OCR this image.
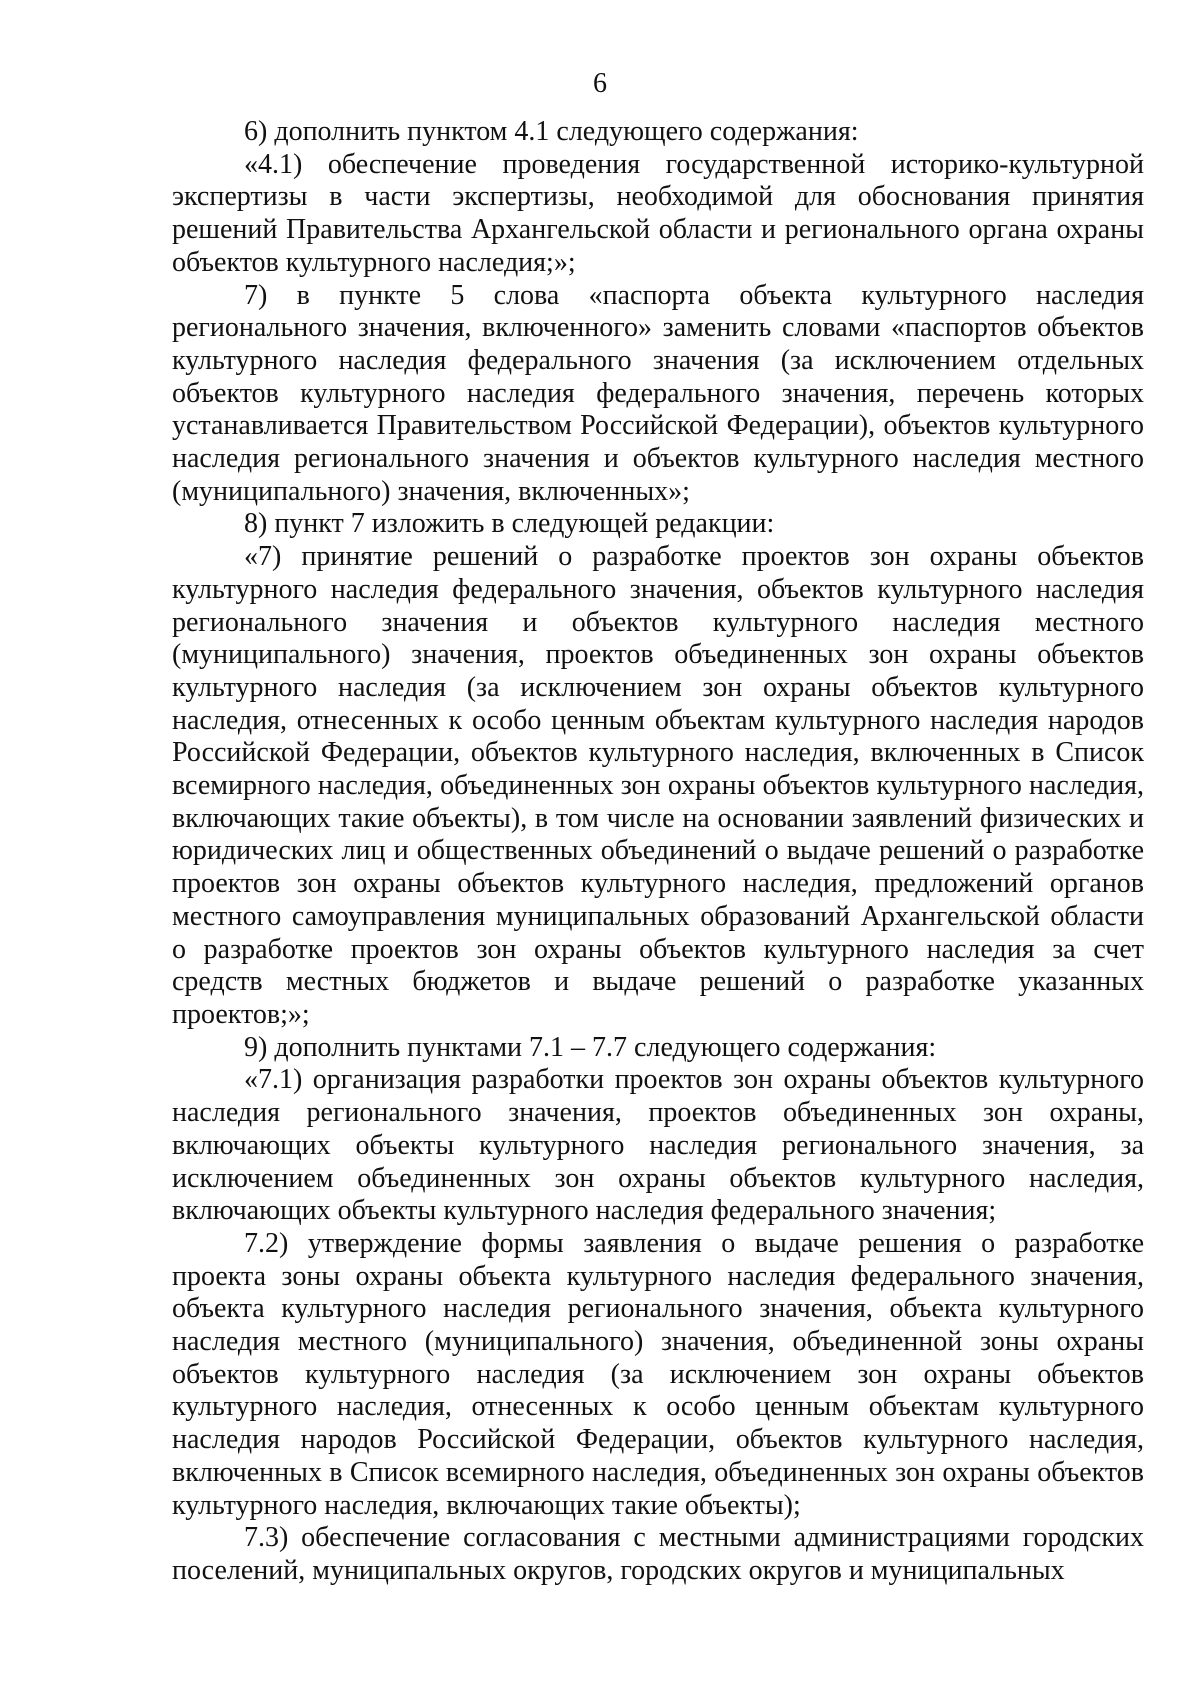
6

6) дополнить пунктом 4.1 следующего содержания:

«4.1) обеспечение проведения государственной историко-культурной экспертизы в части экспертизы, необходимой для обоснования принятия решений Правительства Архангельской области и регионального органа охраны объектов культурного наследия;»;

7) в пункте 5 слова «паспорта объекта культурного наследия регионального значения, включенного» заменить словами «паспортов объектов культурного наследия федерального значения (за исключением отдельных объектов культурного наследия федерального значения, перечень которых устанавливается Правительством Российской Федерации), объектов культурного наследия регионального значения и объектов культурного наследия местного (муниципального) значения, включенных»;

8) пункт 7 изложить в следующей редакции:

«7) принятие решений о разработке проектов зон охраны объектов культурного наследия федерального значения, объектов культурного наследия регионального значения и объектов культурного наследия местного (муниципального) значения, проектов объединенных зон охраны объектов культурного наследия (за исключением зон охраны объектов культурного наследия, отнесенных к особо ценным объектам культурного наследия народов Российской Федерации, объектов культурного наследия, включенных в Список всемирного наследия, объединенных зон охраны объектов культурного наследия, включающих такие объекты), в том числе на основании заявлений физических и юридических лиц и общественных объединений о выдаче решений о разработке проектов зон охраны объектов культурного наследия, предложений органов местного самоуправления муниципальных образований Архангельской области о разработке проектов зон охраны объектов культурного наследия за счет средств местных бюджетов и выдаче решений о разработке указанных проектов;»;

9) дополнить пунктами 7.1 – 7.7 следующего содержания:

«7.1) организация разработки проектов зон охраны объектов культурного наследия регионального значения, проектов объединенных зон охраны, включающих объекты культурного наследия регионального значения, за исключением объединенных зон охраны объектов культурного наследия, включающих объекты культурного наследия федерального значения;

7.2) утверждение формы заявления о выдаче решения о разработке проекта зоны охраны объекта культурного наследия федерального значения, объекта культурного наследия регионального значения, объекта культурного наследия местного (муниципального) значения, объединенной зоны охраны объектов культурного наследия (за исключением зон охраны объектов культурного наследия, отнесенных к особо ценным объектам культурного наследия народов Российской Федерации, объектов культурного наследия, включенных в Список всемирного наследия, объединенных зон охраны объектов культурного наследия, включающих такие объекты);

7.3) обеспечение согласования с местными администрациями городских поселений, муниципальных округов, городских округов и муниципальных
